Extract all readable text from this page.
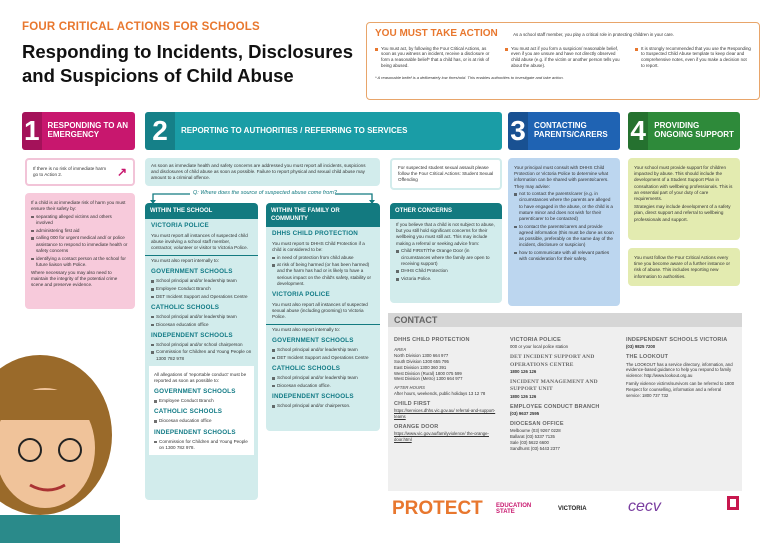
FOUR CRITICAL ACTIONS FOR SCHOOLS
Responding to Incidents, Disclosures and Suspicions of Child Abuse
YOU MUST TAKE ACTION	As a school staff member, you play a critical role in protecting children in your care.
You must act, by following the Four Critical Actions, as soon as you witness an incident, receive a disclosure or form a reasonable belief* that a child has, or is at risk of being abused.
You must act if you form a suspicion/ reasonable belief, even if you are unsure and have not directly observed child abuse (e.g. if the victim or another person tells you about the abuse).
It is strongly recommended that you use the Responding to Suspected Child Abuse template to keep clear and comprehensive notes, even if you make a decision not to report.
* A reasonable belief is a deliberately low threshold. This enables authorities to investigate and take action.
1 RESPONDING TO AN EMERGENCY	2	REPORTING TO AUTHORITIES / REFERRING TO SERVICES	3 CONTACTING PARENTS/CARERS 4 PROVIDING ONGOING SUPPORT
If there is no risk of immediate harm go to Action 2.	↗

If a child is at immediate risk of harm you must ensure their safety by:

separating alleged victims and others involved
administering first aid
calling 000 for urgent medical and/ or police assistance to respond to immediate health or safety concerns
identifying a contact person at the school for future liaison with Police.

Where necessary you may also need to maintain the integrity of the potential crime scene and preserve evidence.

As soon as immediate health and safety concerns are addressed you must report all incidents, suspicions and disclosures of child abuse as soon as possible. Failure to report physical and sexual child abuse may amount to a criminal offence.
Q: Where does the source of suspected abuse come from?
WITHIN THE SCHOOL
VICTORIA POLICE

You must report all instances of suspected child abuse involving a school staff member, contractor, volunteer or visitor to Victoria Police.

You must also report internally to:

GOVERNMENT SCHOOLS
School principal and/or leadership team
Employee Conduct Branch
DET Incident Support and Operations Centre
CATHOLIC SCHOOLS
School principal and/or leadership team
Diocesan education office
INDEPENDENT SCHOOLS
School principal and/or school chairperson
Commission for Children and Young People on 1300 782 978

All allegations of 'reportable conduct' must be reported as soon as possible to:

GOVERNMENT SCHOOLS
Employee Conduct Branch
CATHOLIC SCHOOLS
Diocesan education office
INDEPENDENT SCHOOLS
Commission for Children and Young People on 1300 782 978.
WITHIN THE FAMILY OR COMMUNITY
DHHS CHILD PROTECTION

You must report to DHHS Child Protection if a child is considered to be:

in need of protection from child abuse
at risk of being harmed (or has been harmed) and the harm has had or is likely to have a serious impact on the child's safety, stability or development.
VICTORIA POLICE

You must also report all instances of suspected sexual abuse (including grooming) to Victoria Police.

You must also report internally to:

GOVERNMENT SCHOOLS
School principal and/or leadership team
DET Incident Support and Operations Centre
CATHOLIC SCHOOLS
School principal and/or leadership team
Diocesan education office.
INDEPENDENT SCHOOLS
School principal and/or chairperson.
For suspected student sexual assault please follow the Four Critical Actions: Student Sexual Offending
OTHER CONCERNS

If you believe that a child is not subject to abuse, but you still hold significant concerns for their wellbeing you must still act. This may include making a referral or seeking advice from:

Child FIRST/The Orange Door (in circumstances where the family are open to receiving support)
DHHS Child Protection
Victoria Police.

Your principal must consult with DHHS Child Protection or Victoria Police to determine what information can be shared with parents/carers. They may advise:

not to contact the parents/carer (e.g. in circumstances where the parents are alleged to have engaged in the abuse, or the child is a mature minor and does not wish for their parent/carer to be contacted)
to contact the parents/carers and provide agreed information (this must be done as soon as possible, preferably on the same day of the incident, disclosure or suspicion)
how to communicate with all relevant parties with consideration for their safety.

Your school must provide support for children impacted by abuse. This should include the development of a Student Support Plan in consultation with wellbeing professionals. This is an essential part of your duty of care requirements.

Strategies may include development of a safety plan, direct support and referral to wellbeing professionals and support.

You must follow the Four Critical Actions every time you become aware of a further instance or risk of abuse. This includes reporting new information to authorities.

CONTACT
DHHS CHILD PROTECTION
AREA
North Division 1300 664 977
South Division 1300 655 795
East Division 1300 360 391
West Division (Rural) 1800 075 599
West Division (Metro) 1300 664 977
AFTER HOURS
After hours, weekends, public holidays 13 12 78
CHILD FIRST
https://services.dhhs.vic.gov.au/ referral-and-support-teams
ORANGE DOOR
https://www.vic.gov.au/familyviolence/ the-orange-door.html
VICTORIA POLICE
000 or your local police station
DET INCIDENT SUPPORT AND OPERATIONS CENTRE
1800 126 126
INCIDENT MANAGEMENT AND SUPPORT UNIT
1800 126 126
EMPLOYEE CONDUCT BRANCH
(03) 9637 2595
DIOCESAN OFFICE
Melbourne (03) 9267 0228
Ballarat (03) 5337 7135
Sale (03) 5622 6600
Sandhurst (03) 5443 2377
INDEPENDENT SCHOOLS VICTORIA
(03) 9825 7200
THE LOOKOUT
The LOOKOUT has a service directory, information, and evidence-based guidance to help you respond to family violence: http://www.lookout.org.au

Family violence victims/survivors can be referred to 1800 Respect for counselling, information and a referral service: 1800 737 732

PROTECT EDUCATION STATE	VICTORIA	cecv
